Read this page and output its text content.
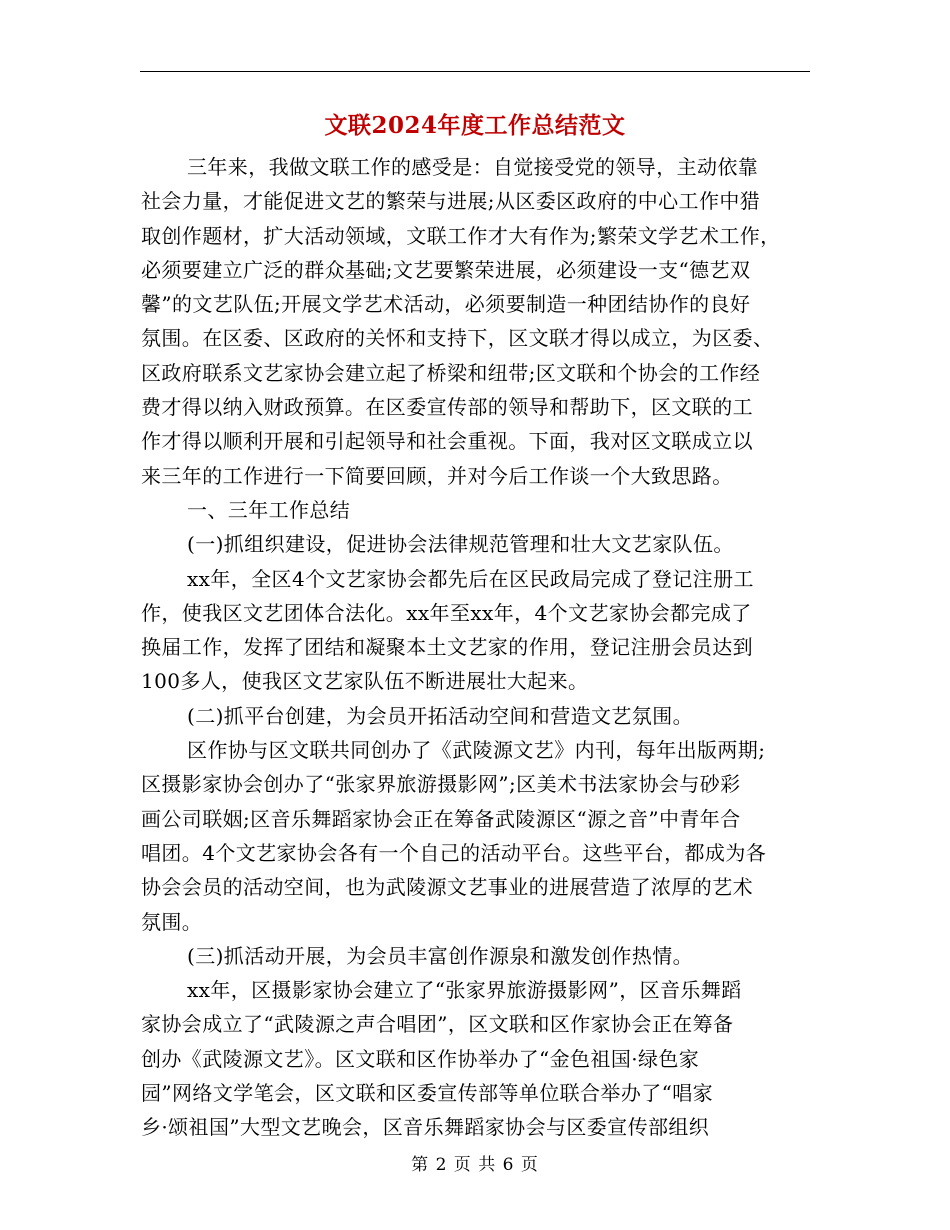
文联2024年度工作总结范文
三年来，我做文联工作的感受是：自觉接受党的领导，主动依靠
社会力量，才能促进文艺的繁荣与进展;从区委区政府的中心工作中猎
取创作题材，扩大活动领域，文联工作才大有作为;繁荣文学艺术工作，
必须要建立广泛的群众基础;文艺要繁荣进展，必须建设一支“德艺双
馨”的文艺队伍;开展文学艺术活动，必须要制造一种团结协作的良好
氛围。在区委、区政府的关怀和支持下，区文联才得以成立，为区委、
区政府联系文艺家协会建立起了桥梁和纽带;区文联和个协会的工作经
费才得以纳入财政预算。在区委宣传部的领导和帮助下，区文联的工
作才得以顺利开展和引起领导和社会重视。下面，我对区文联成立以
来三年的工作进行一下简要回顾，并对今后工作谈一个大致思路。
一、三年工作总结
(一)抓组织建设，促进协会法律规范管理和壮大文艺家队伍。
xx年，全区4个文艺家协会都先后在区民政局完成了登记注册工
作，使我区文艺团体合法化。xx年至xx年，4个文艺家协会都完成了
换届工作，发挥了团结和凝聚本土文艺家的作用，登记注册会员达到
100多人，使我区文艺家队伍不断进展壮大起来。
(二)抓平台创建，为会员开拓活动空间和营造文艺氛围。
区作协与区文联共同创办了《武陵源文艺》内刊，每年出版两期;
区摄影家协会创办了“张家界旅游摄影网”;区美术书法家协会与砂彩
画公司联姻;区音乐舞蹈家协会正在筹备武陵源区“源之音”中青年合
唱团。4个文艺家协会各有一个自己的活动平台。这些平台，都成为各
协会会员的活动空间，也为武陵源文艺事业的进展营造了浓厚的艺术
氛围。
(三)抓活动开展，为会员丰富创作源泉和激发创作热情。
xx年，区摄影家协会建立了“张家界旅游摄影网”，区音乐舞蹈
家协会成立了“武陵源之声合唱团”，区文联和区作家协会正在筹备
创办《武陵源文艺》。区文联和区作协举办了“金色祖国·绿色家
园”网络文学笔会，区文联和区委宣传部等单位联合举办了“唱家
乡·颂祖国”大型文艺晚会，区音乐舞蹈家协会与区委宣传部组织
第 2 页 共 6 页
